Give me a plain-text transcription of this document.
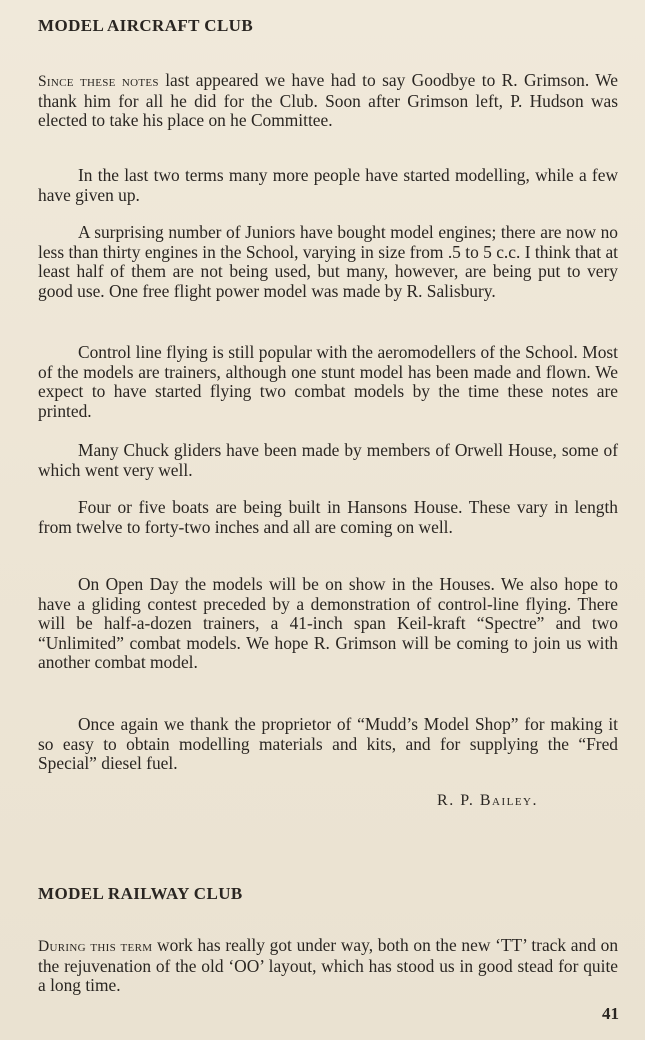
MODEL AIRCRAFT CLUB

Since these notes last appeared we have had to say Goodbye to R. Grimson. We thank him for all he did for the Club. Soon after Grimson left, P. Hudson was elected to take his place on he Committee.

In the last two terms many more people have started modelling, while a few have given up.

A surprising number of Juniors have bought model engines; there are now no less than thirty engines in the School, varying in size from .5 to 5 c.c. I think that at least half of them are not being used, but many, however, are being put to very good use. One free flight power model was made by R. Salisbury.

Control line flying is still popular with the aeromodellers of the School. Most of the models are trainers, although one stunt model has been made and flown. We expect to have started flying two combat models by the time these notes are printed.

Many Chuck gliders have been made by members of Orwell House, some of which went very well.

Four or five boats are being built in Hansons House. These vary in length from twelve to forty-two inches and all are coming on well.

On Open Day the models will be on show in the Houses. We also hope to have a gliding contest preceded by a demonstration of control-line flying. There will be half-a-dozen trainers, a 41-inch span Keil-kraft “Spectre” and two “Unlimited” combat models. We hope R. Grimson will be coming to join us with another combat model.

Once again we thank the proprietor of “Mudd’s Model Shop” for making it so easy to obtain modelling materials and kits, and for supplying the “Fred Special” diesel fuel.

R. P. Bailey.

MODEL RAILWAY CLUB

During this term work has really got under way, both on the new ‘TT’ track and on the rejuvenation of the old ‘OO’ layout, which has stood us in good stead for quite a long time.

41
